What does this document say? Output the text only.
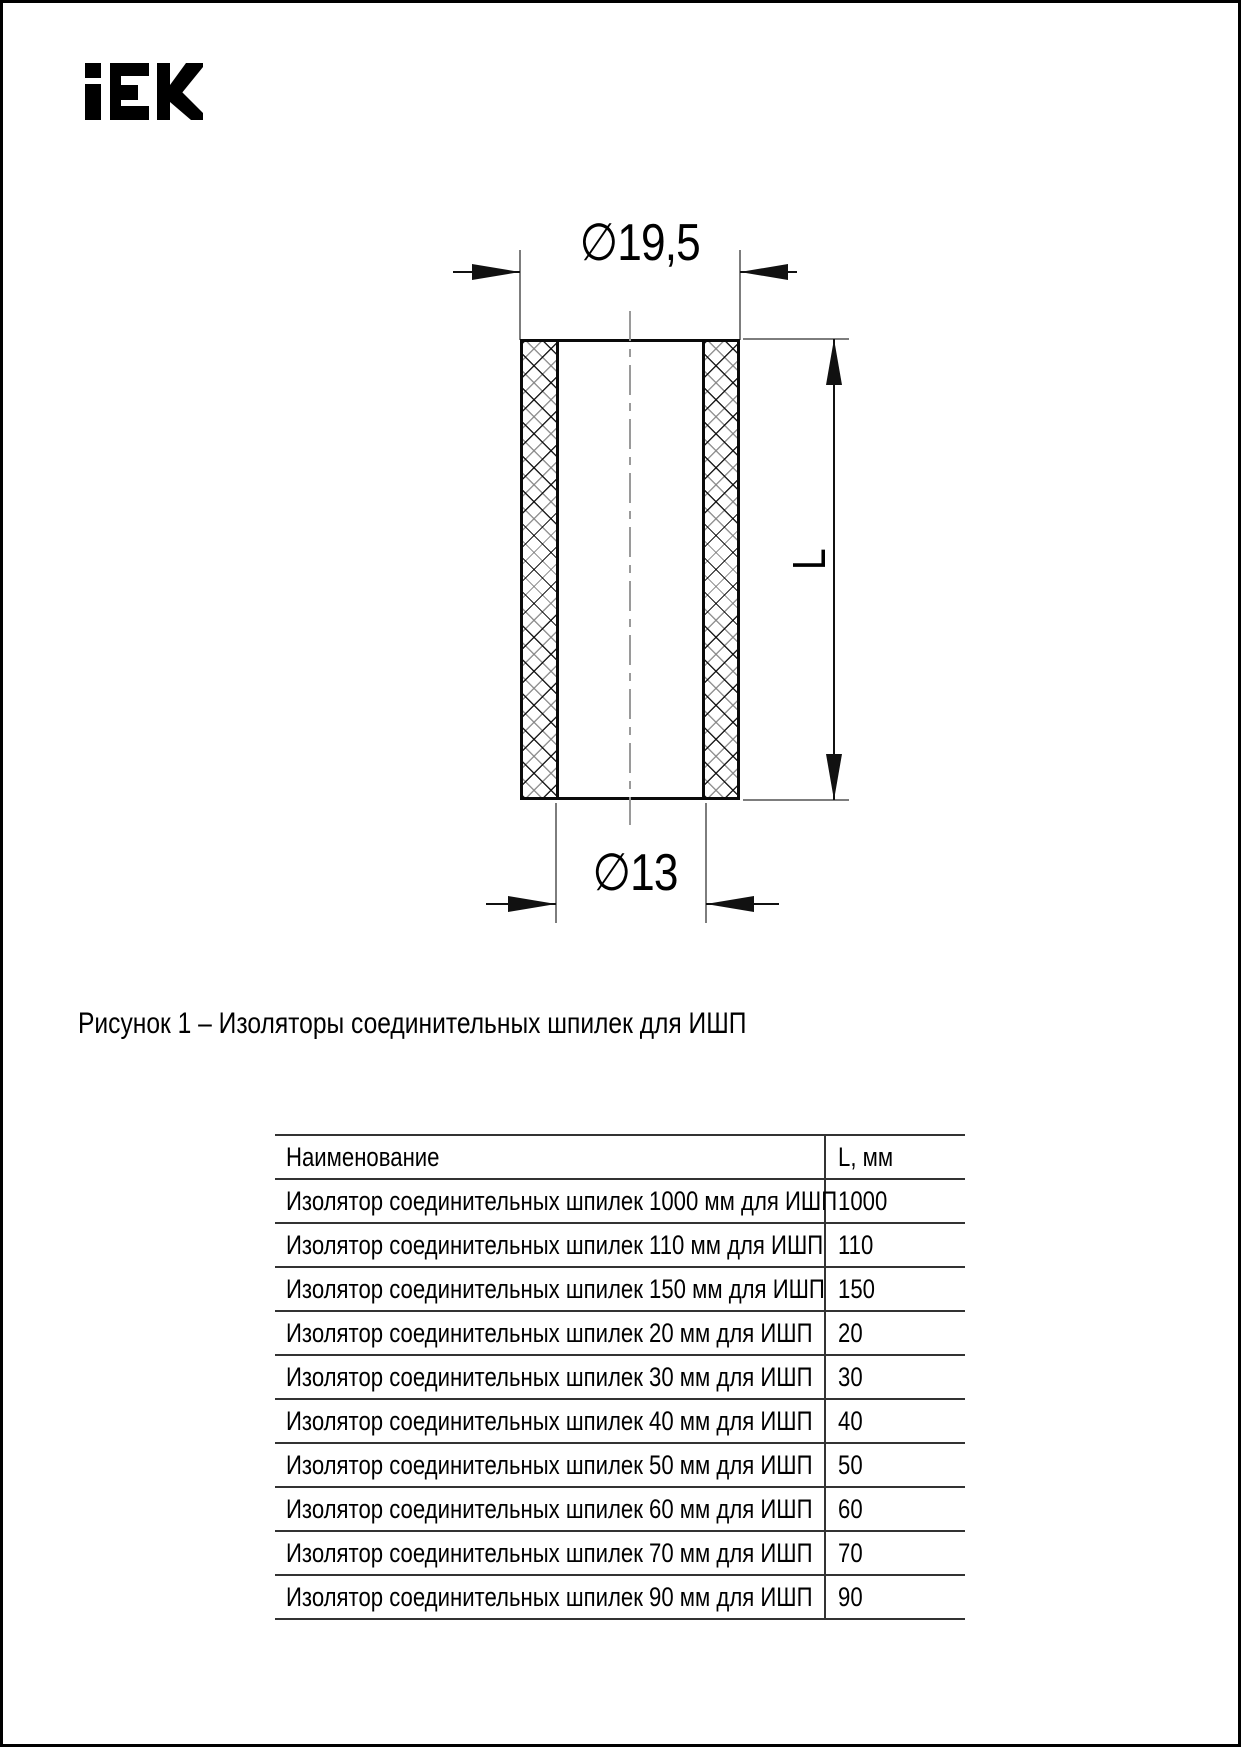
∅19,5
∅13
L
Рисунок 1 – Изоляторы соединительных шпилек для ИШП
Наименование	L, мм
Изолятор соединительных шпилек 1000 мм для ИШП 1000
Изолятор соединительных шпилек 110 мм для ИШП 110
Изолятор соединительных шпилек 150 мм для ИШП 150
Изолятор соединительных шпилек 20 мм для ИШП 20
Изолятор соединительных шпилек 30 мм для ИШП 30
Изолятор соединительных шпилек 40 мм для ИШП 40
Изолятор соединительных шпилек 50 мм для ИШП 50
Изолятор соединительных шпилек 60 мм для ИШП 60
Изолятор соединительных шпилек 70 мм для ИШП 70
Изолятор соединительных шпилек 90 мм для ИШП 90
